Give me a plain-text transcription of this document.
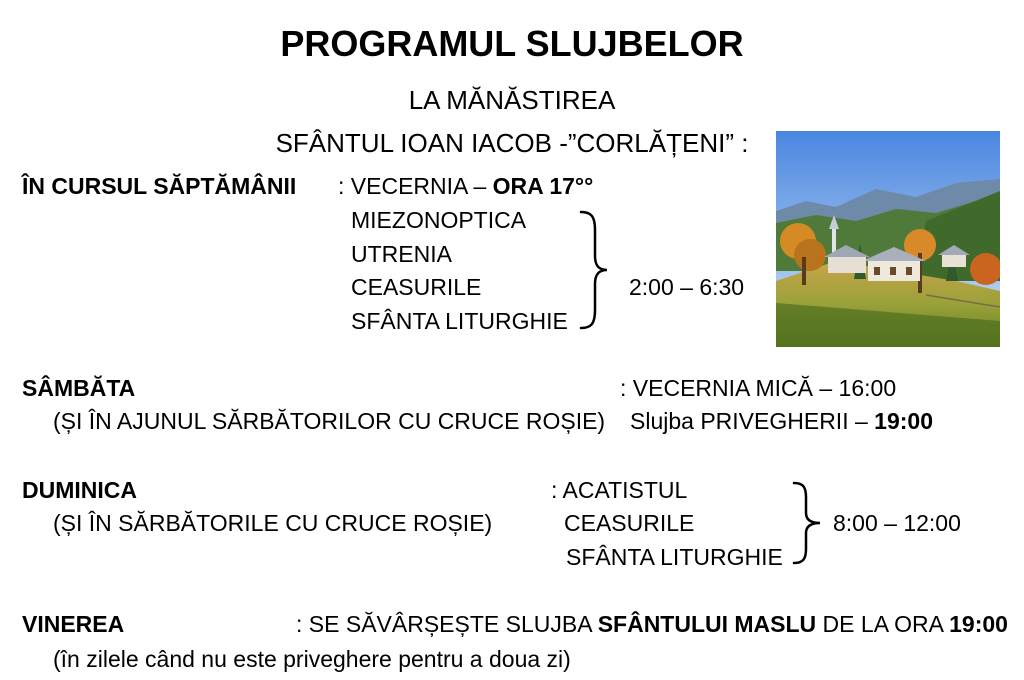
PROGRAMUL SLUJBELOR
LA MĂNĂSTIREA
SFÂNTUL IOAN IACOB -”CORLĂȚENI” :
ÎN CURSUL SĂPTĂMÂNII : VECERNIA – ORA 17°°
MIEZONOPTICA
UTRENIA
CEASURILE
SFÂNTA LITURGHIE
2:00 – 6:30
SÂMBĂTA
(ȘI ÎN AJUNUL SĂRBĂTORILOR CU CRUCE ROȘIE)
: VECERNIA MICĂ – 16:00
Slujba PRIVEGHERII – 19:00
DUMINICA
(ȘI ÎN SĂRBĂTORILE CU CRUCE ROȘIE)
: ACATISTUL
CEASURILE
SFÂNTA LITURGHIE
8:00 – 12:00
VINEREA	: SE SĂVÂRȘEȘTE SLUJBA SFÂNTULUI MASLU DE LA ORA 19:00
(în zilele când nu este priveghere pentru a doua zi)
